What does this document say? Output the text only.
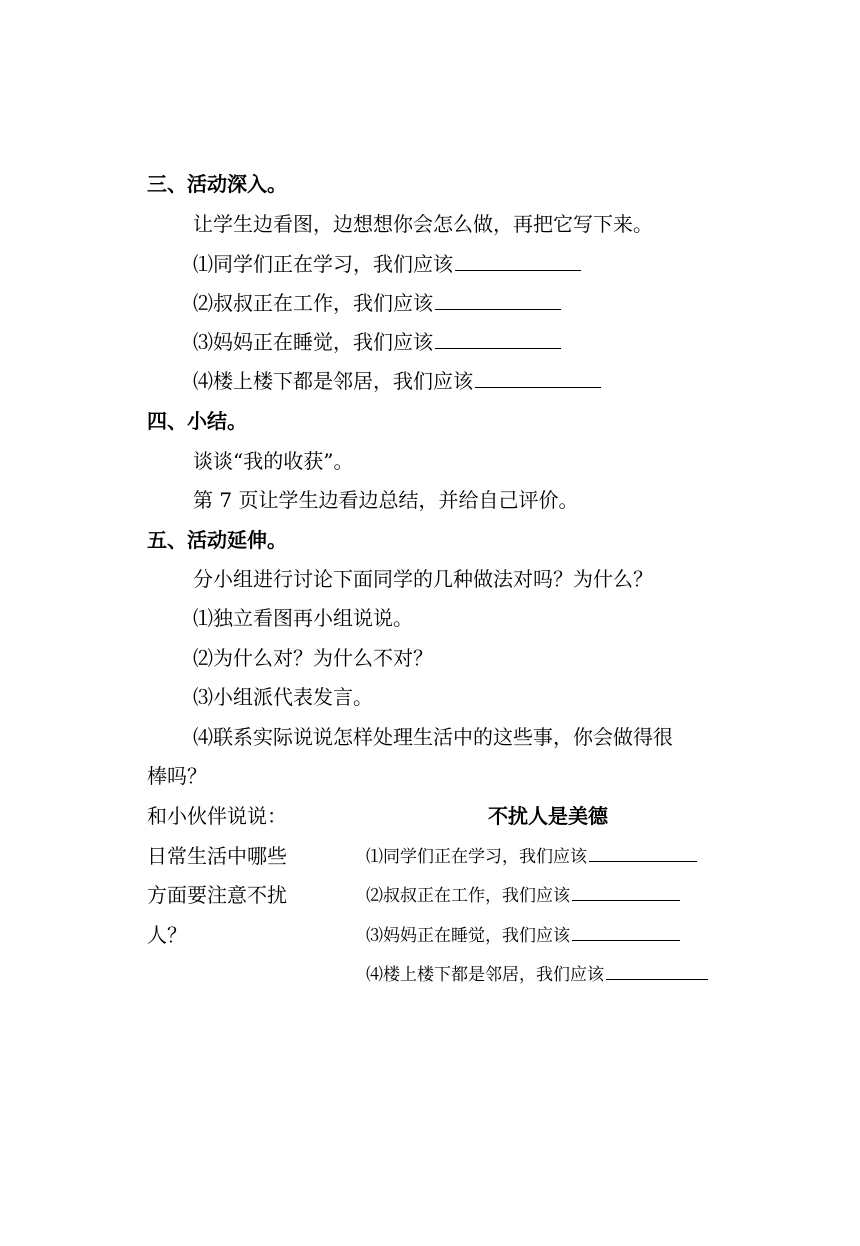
三、活动深入。
让学生边看图，边想想你会怎么做，再把它写下来。
⑴同学们正在学习，我们应该
⑵叔叔正在工作，我们应该
⑶妈妈正在睡觉，我们应该
⑷楼上楼下都是邻居，我们应该
四、小结。
谈谈“我的收获”。
第 7 页让学生边看边总结，并给自己评价。
五、活动延伸。
分小组进行讨论下面同学的几种做法对吗？为什么？
⑴独立看图再小组说说。
⑵为什么对？为什么不对？
⑶小组派代表发言。
⑷联系实际说说怎样处理生活中的这些事，你会做得很
棒吗？
和小伙伴说说：
日常生活中哪些
方面要注意不扰
人？
不扰人是美德
⑴同学们正在学习，我们应该
⑵叔叔正在工作，我们应该
⑶妈妈正在睡觉，我们应该
⑷楼上楼下都是邻居，我们应该
